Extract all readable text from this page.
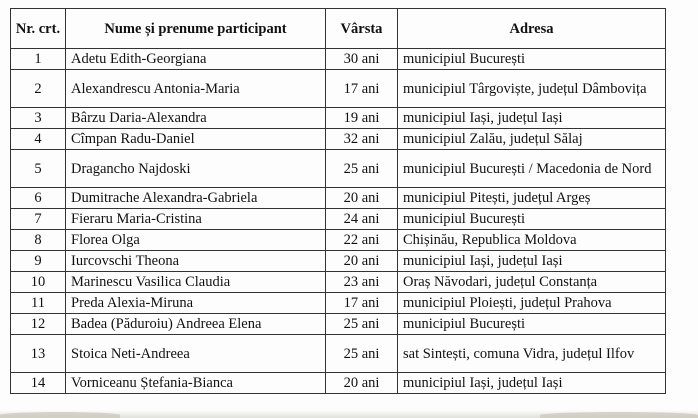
Nr. crt.	Nume și prenume participant	Vârsta	Adresa
1	Adetu Edith-Georgiana	30 ani	municipiul București
2	Alexandrescu Antonia-Maria	17 ani	municipiul Târgoviște, județul Dâmbovița
3	Bârzu Daria-Alexandra	19 ani	municipiul Iași, județul Iași
4	Cîmpan Radu-Daniel	32 ani	municipiul Zalău, județul Sălaj
5	Dragancho Najdoski	25 ani	municipiul București / Macedonia de Nord
6	Dumitrache Alexandra-Gabriela	20 ani	municipiul Pitești, județul Argeș
7	Fieraru Maria-Cristina	24 ani	municipiul București
8	Florea Olga	22 ani	Chișinău, Republica Moldova
9	Iurcovschi Theona	20 ani	municipiul Iași, județul Iași
10	Marinescu Vasilica Claudia	23 ani	Oraș Năvodari, județul Constanța
11	Preda Alexia-Miruna	17 ani	municipiul Ploiești, județul Prahova
12	Badea (Păduroiu) Andreea Elena	25 ani	municipiul București
13	Stoica Neti-Andreea	25 ani	sat Sintești, comuna Vidra, județul Ilfov
14	Vorniceanu Ștefania-Bianca	20 ani	municipiul Iași, județul Iași
